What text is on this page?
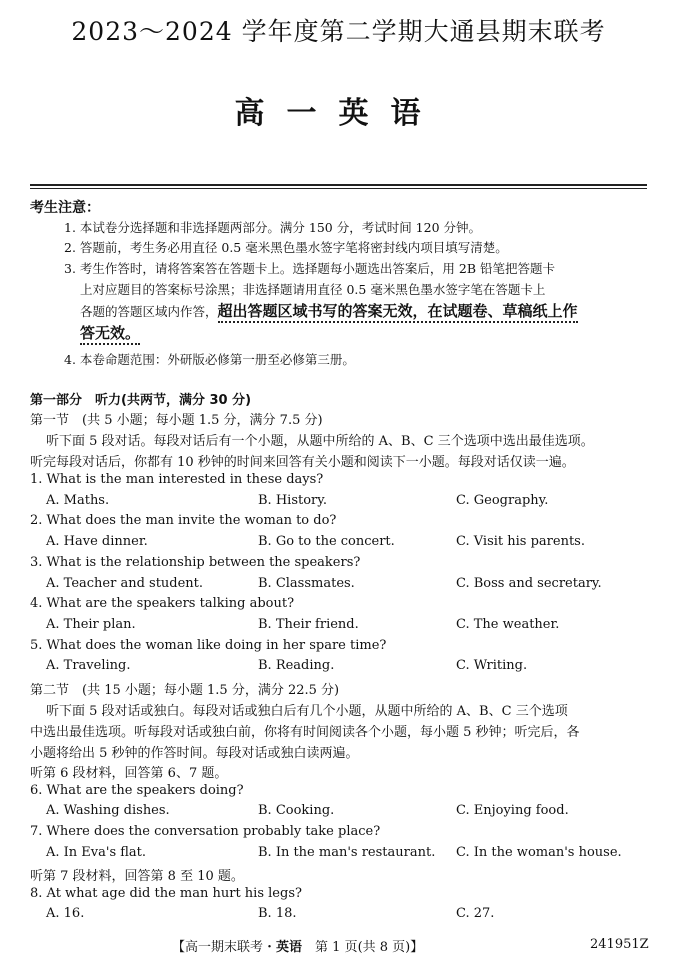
2023～2024 学年度第二学期大通县期末联考
高一英语
考生注意：
1. 本试卷分选择题和非选择题两部分。满分 150 分，考试时间 120 分钟。
2. 答题前，考生务必用直径 0.5 毫米黑色墨水签字笔将密封线内项目填写清楚。
3. 考生作答时，请将答案答在答题卡上。选择题每小题选出答案后，用 2B 铅笔把答题卡
上对应题目的答案标号涂黑；非选择题请用直径 0.5 毫米黑色墨水签字笔在答题卡上
各题的答题区域内作答，超出答题区域书写的答案无效，在试题卷、草稿纸上作
答无效。
4. 本卷命题范围：外研版必修第一册至必修第三册。
第一部分　听力(共两节，满分 30 分)
第一节　(共 5 小题；每小题 1.5 分，满分 7.5 分)
听下面 5 段对话。每段对话后有一个小题，从题中所给的 A、B、C 三个选项中选出最佳选项。
听完每段对话后，你都有 10 秒钟的时间来回答有关小题和阅读下一小题。每段对话仅读一遍。
1. What is the man interested in these days?
A. Maths.	B. History.	C. Geography.
2. What does the man invite the woman to do?
A. Have dinner.	B. Go to the concert.	C. Visit his parents.
3. What is the relationship between the speakers?
A. Teacher and student.	B. Classmates.	C. Boss and secretary.
4. What are the speakers talking about?
A. Their plan.	B. Their friend.	C. The weather.
5. What does the woman like doing in her spare time?
A. Traveling.	B. Reading.	C. Writing.
第二节　(共 15 小题；每小题 1.5 分，满分 22.5 分)
听下面 5 段对话或独白。每段对话或独白后有几个小题，从题中所给的 A、B、C 三个选项
中选出最佳选项。听每段对话或独白前，你将有时间阅读各个小题，每小题 5 秒钟；听完后，各
小题将给出 5 秒钟的作答时间。每段对话或独白读两遍。
听第 6 段材料，回答第 6、7 题。
6. What are the speakers doing?
A. Washing dishes.	B. Cooking.	C. Enjoying food.
7. Where does the conversation probably take place?
A. In Eva's flat.	B. In the man's restaurant. C. In the woman's house.
听第 7 段材料，回答第 8 至 10 题。
8. At what age did the man hurt his legs?
A. 16.	B. 18.	C. 27.
【高一期末联考・英语　第 1 页(共 8 页)】	241951Z
